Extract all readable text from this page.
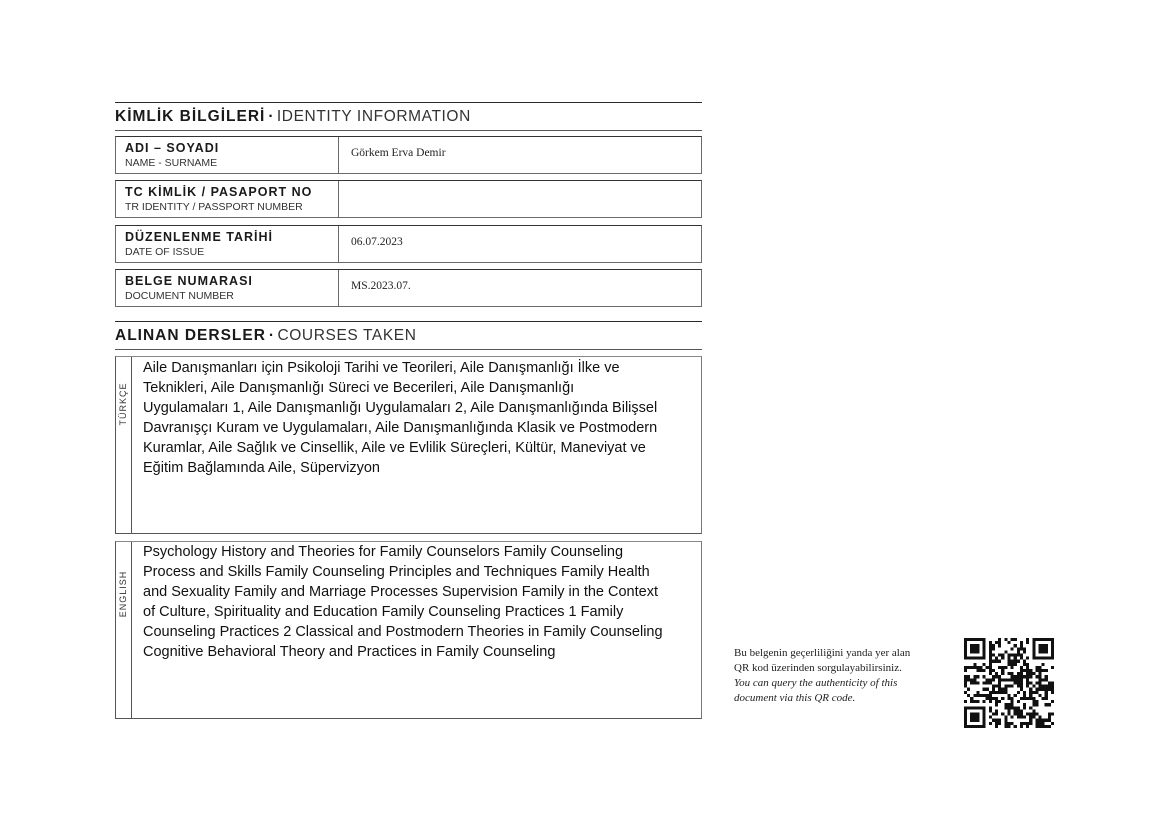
KİMLİK BİLGİLERİ · IDENTITY INFORMATION
ADI – SOYADI
NAME - SURNAME
Görkem Erva Demir
TC KİMLİK / PASAPORT NO
TR IDENTITY / PASSPORT NUMBER
DÜZENLENME TARİHİ
DATE OF ISSUE
06.07.2023
BELGE NUMARASI
DOCUMENT NUMBER
MS.2023.07.
ALINAN DERSLER · COURSES TAKEN
TÜRKÇE
Aile Danışmanları için Psikoloji Tarihi ve Teorileri, Aile Danışmanlığı İlke ve
Teknikleri, Aile Danışmanlığı Süreci ve Becerileri, Aile Danışmanlığı
Uygulamaları 1, Aile Danışmanlığı Uygulamaları 2, Aile Danışmanlığında Bilişsel
Davranışçı Kuram ve Uygulamaları, Aile Danışmanlığında Klasik ve Postmodern
Kuramlar, Aile Sağlık ve Cinsellik, Aile ve Evlilik Süreçleri, Kültür, Maneviyat ve
Eğitim Bağlamında Aile, Süpervizyon
ENGLISH
Psychology History and Theories for Family Counselors Family Counseling
Process and Skills Family Counseling Principles and Techniques Family Health
and Sexuality Family and Marriage Processes Supervision Family in the Context
of Culture, Spirituality and Education Family Counseling Practices 1 Family
Counseling Practices 2 Classical and Postmodern Theories in Family Counseling
Cognitive Behavioral Theory and Practices in Family Counseling	Bu belgenin geçerliliğini yanda yer alan
QR kod üzerinden sorgulayabilirsiniz.
You can query the authenticity of this
document via this QR code.
